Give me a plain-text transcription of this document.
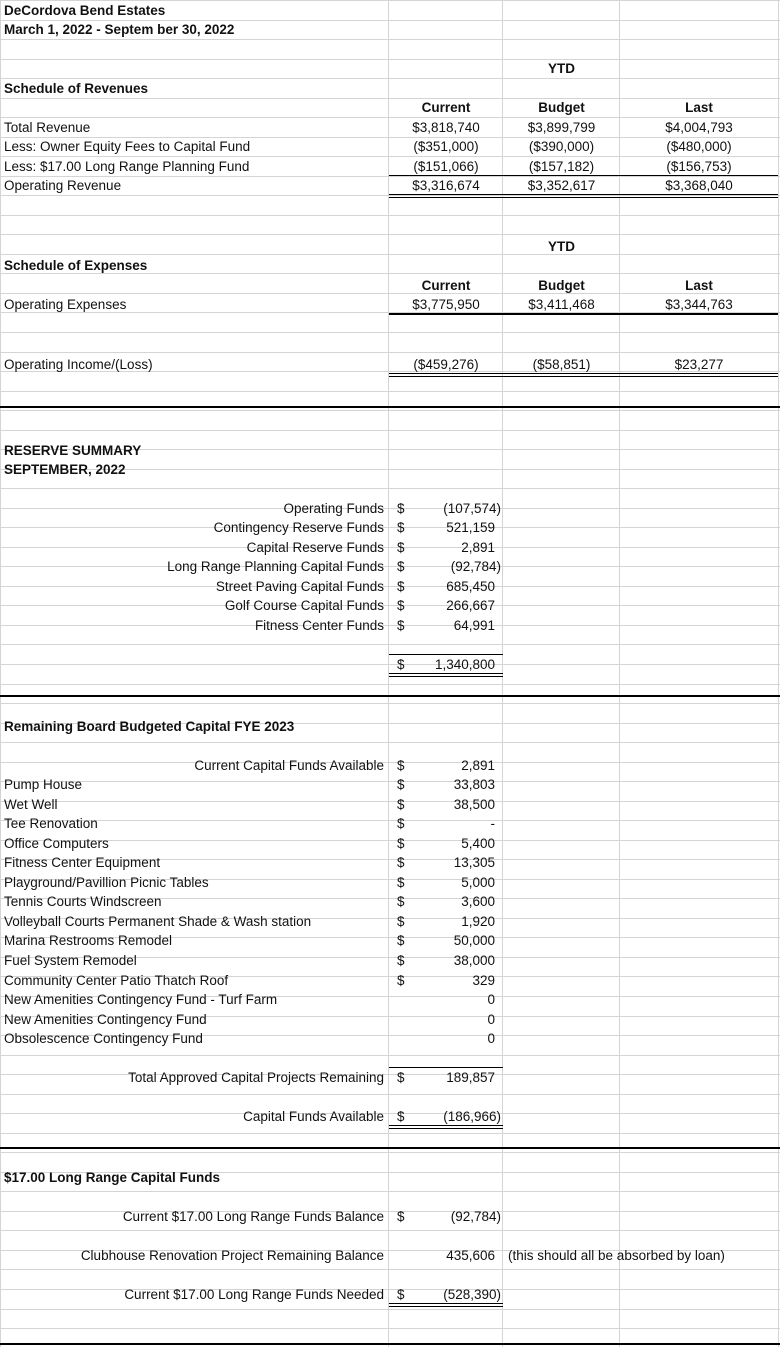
DeCordova Bend Estates
March 1, 2022 - Septem ber 30, 2022
YTD
Schedule of Revenues
Current	Budget	Last
Total Revenue	$3,818,740	$3,899,799	$4,004,793
Less: Owner Equity Fees to Capital Fund	($351,000)	($390,000)	($480,000)
Less: $17.00 Long Range Planning Fund	($151,066)	($157,182)	($156,753)
Operating Revenue	$3,316,674	$3,352,617	$3,368,040
YTD
Schedule of Expenses
Current	Budget	Last
Operating Expenses	$3,775,950	$3,411,468	$3,344,763
Operating Income/(Loss)	($459,276)	($58,851)	$23,277
RESERVE SUMMARY
SEPTEMBER, 2022
Operating Funds $	(107,574)
Contingency Reserve Funds $	521,159
Capital Reserve Funds $	2,891
Long Range Planning Capital Funds $	(92,784)
Street Paving Capital Funds $	685,450
Golf Course Capital Funds $	266,667
Fitness Center Funds $	64,991
$	1,340,800
Remaining Board Budgeted Capital FYE 2023
Current Capital Funds Available $	2,891
Pump House	$	33,803
Wet Well	$	38,500
Tee Renovation	$	-
Office Computers	$	5,400
Fitness Center Equipment	$	13,305
Playground/Pavillion Picnic Tables	$	5,000
Tennis Courts Windscreen	$	3,600
Volleyball Courts Permanent Shade & Wash station	$	1,920
Marina Restrooms Remodel	$	50,000
Fuel System Remodel	$	38,000
Community Center Patio Thatch Roof	$	329
New Amenities Contingency Fund - Turf Farm	0
New Amenities Contingency Fund	0
Obsolescence Contingency Fund	0
Total Approved Capital Projects Remaining $	189,857
Capital Funds Available $	(186,966)
$17.00 Long Range Capital Funds
Current $17.00 Long Range Funds Balance $	(92,784)
Clubhouse Renovation Project Remaining Balance	435,606 (this should all be absorbed by loan)
Current $17.00 Long Range Funds Needed $	(528,390)
